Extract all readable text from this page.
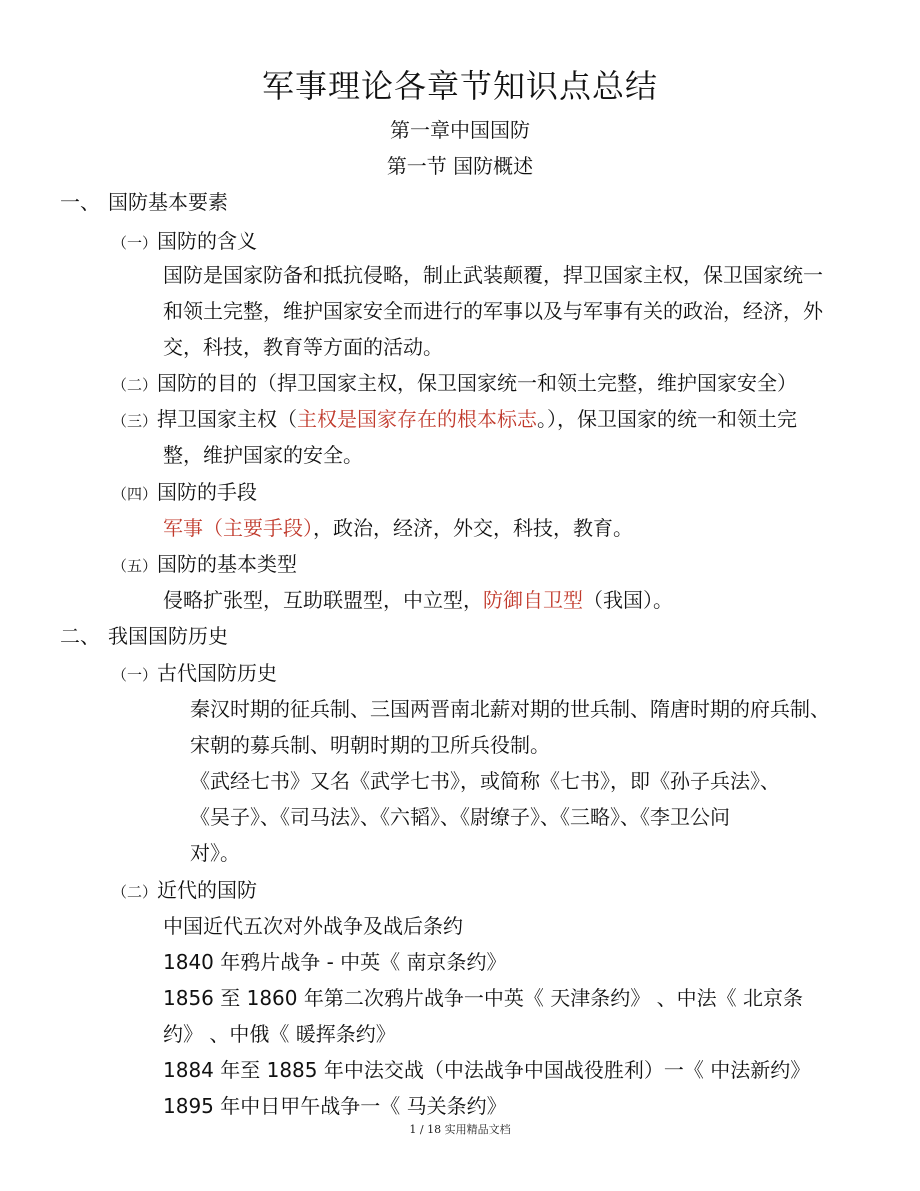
军事理论各章节知识点总结
第一章中国国防
第一节 国防概述
一、 国防基本要素
（一）国防的含义
国防是国家防备和抵抗侵略，制止武装颠覆，捍卫国家主权，保卫国家统一
和领土完整，维护国家安全而进行的军事以及与军事有关的政治，经济，外
交，科技，教育等方面的活动。
（二）国防的目的（捍卫国家主权，保卫国家统一和领土完整，维护国家安全）
（三）捍卫国家主权（主权是国家存在的根本标志。），保卫国家的统一和领土完
整，维护国家的安全。
（四）国防的手段
军事（主要手段），政治，经济，外交，科技，教育。
（五）国防的基本类型
侵略扩张型，互助联盟型，中立型，防御自卫型（我国）。
二、 我国国防历史
（一）古代国防历史
秦汉时期的征兵制、三国两晋南北薪对期的世兵制、隋唐时期的府兵制、
宋朝的募兵制、明朝时期的卫所兵役制。
《武经七书》又名《武学七书》，或简称《七书》，即《孙子兵法》、
《吴子》、《司马法》、《六韬》、《尉缭子》、《三略》、《李卫公问
对》。
（二）近代的国防
中国近代五次对外战争及战后条约
1840 年鸦片战争 - 中英《 南京条约》
1856 至 1860 年第二次鸦片战争一中英《 天津条约》 、中法《 北京条
约》 、中俄《 暖挥条约》
1884 年至 1885 年中法交战（中法战争中国战役胜利）一《 中法新约》
1895 年中日甲午战争一《 马关条约》
1 / 18 实用精品文档
